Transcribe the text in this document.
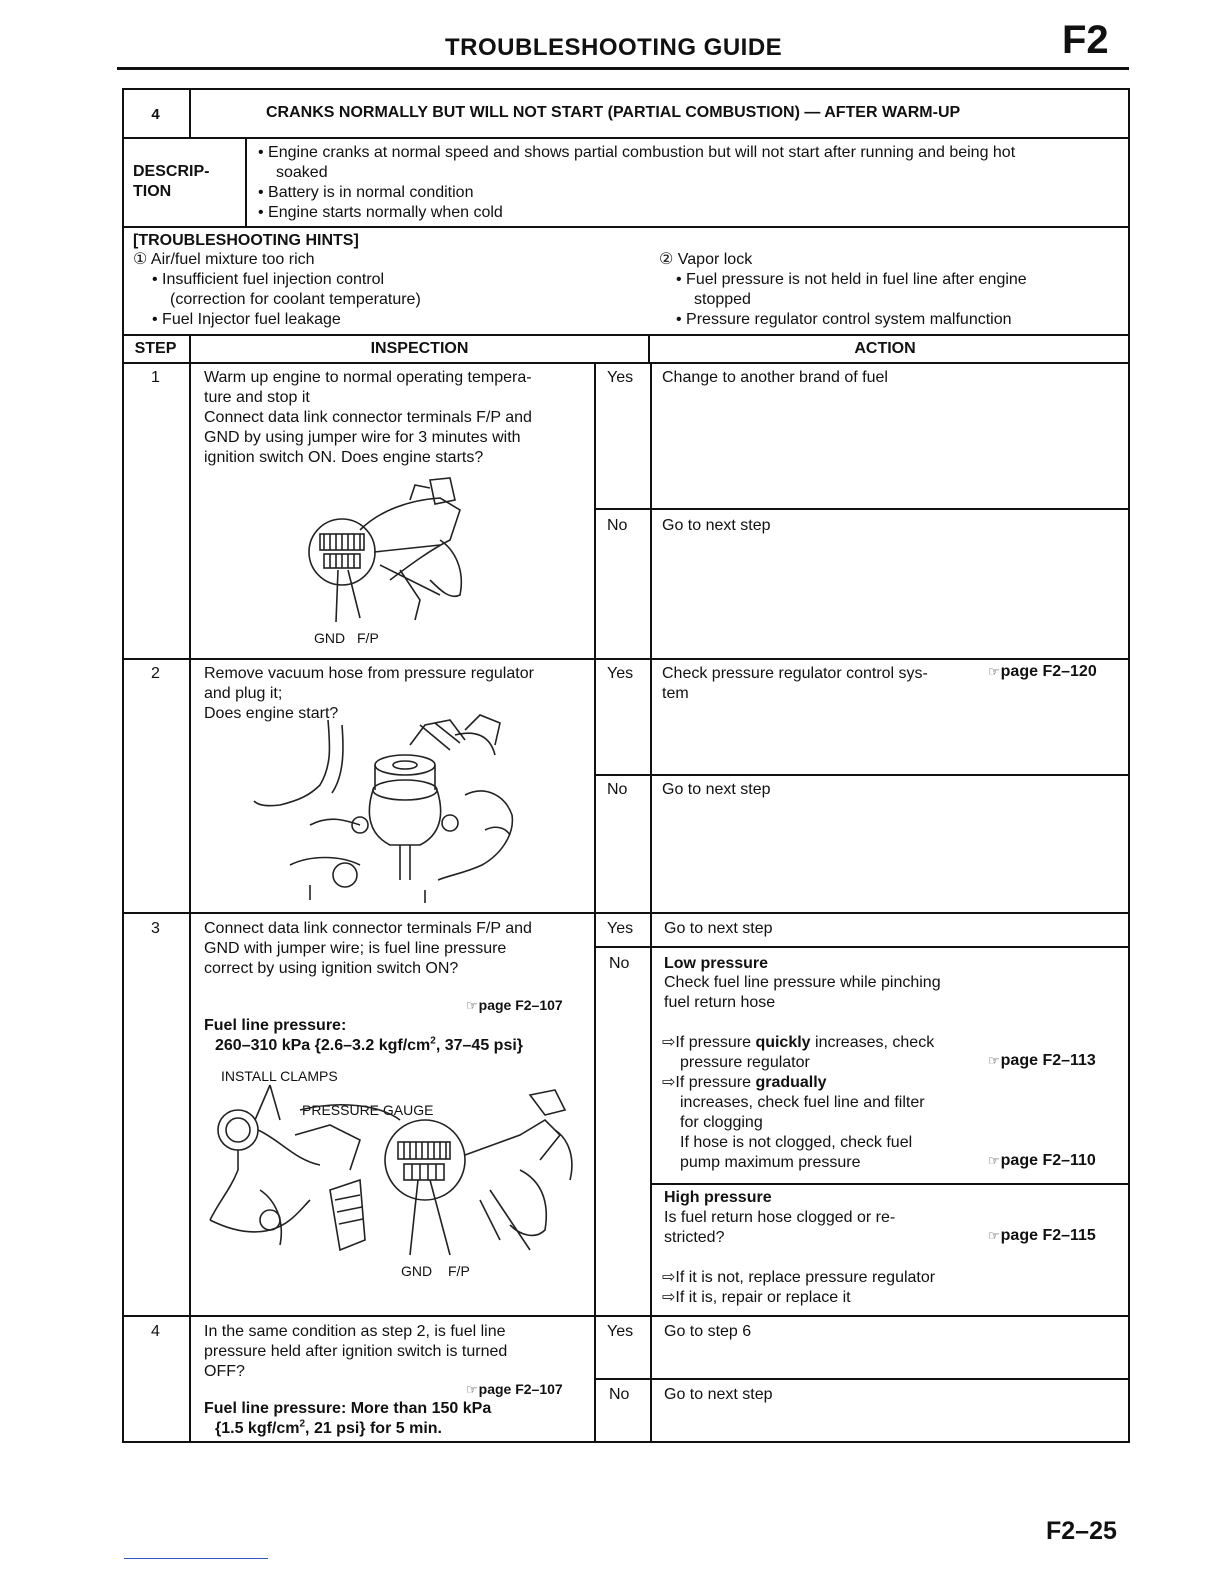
TROUBLESHOOTING GUIDE	F2
4	CRANKS NORMALLY BUT WILL NOT START (PARTIAL COMBUSTION) — AFTER WARM-UP
DESCRIP-
TION
• Engine cranks at normal speed and shows partial combustion but will not start after running and being hot
soaked
• Battery is in normal condition
• Engine starts normally when cold
[TROUBLESHOOTING HINTS]
① Air/fuel mixture too rich
• Insufficient fuel injection control
(correction for coolant temperature)
• Fuel Injector fuel leakage
② Vapor lock
• Fuel pressure is not held in fuel line after engine
stopped
• Pressure regulator control system malfunction
STEP	INSPECTION	ACTION
1	Warm up engine to normal operating tempera-
ture and stop it
Connect data link connector terminals F/P and
GND by using jumper wire for 3 minutes with
ignition switch ON. Does engine starts?
GND F/P
Yes Change to another brand of fuel
No Go to next step
2	Remove vacuum hose from pressure regulator
and plug it;
Does engine start?
Yes Check pressure regulator control sys-
tem
☞page F2–120
No Go to next step
3	Connect data link connector terminals F/P and
GND with jumper wire; is fuel line pressure
correct by using ignition switch ON?
☞page F2–107
Fuel line pressure:
260–310 kPa {2.6–3.2 kgf/$cm^2$, 37–45 psi}
INSTALL CLAMPS
PRESSURE GAUGE
GND F/P
Yes Go to next step
No Low pressure
Check fuel line pressure while pinching
fuel return hose
⇨If pressure quickly increases, check
pressure regulator	☞page F2–113
⇨If pressure gradually
increases, check fuel line and filter
for clogging
If hose is not clogged, check fuel
pump maximum pressure	☞page F2–110
High pressure
Is fuel return hose clogged or re-
stricted?	☞page F2–115
⇨If it is not, replace pressure regulator
⇨If it is, repair or replace it
4	In the same condition as step 2, is fuel line
pressure held after ignition switch is turned
OFF?
☞page F2–107
Fuel line pressure: More than 150 kPa
{1.5 kgf/$cm^2$, 21 psi} for 5 min.
Yes Go to step 6
No Go to next step
F2–25
